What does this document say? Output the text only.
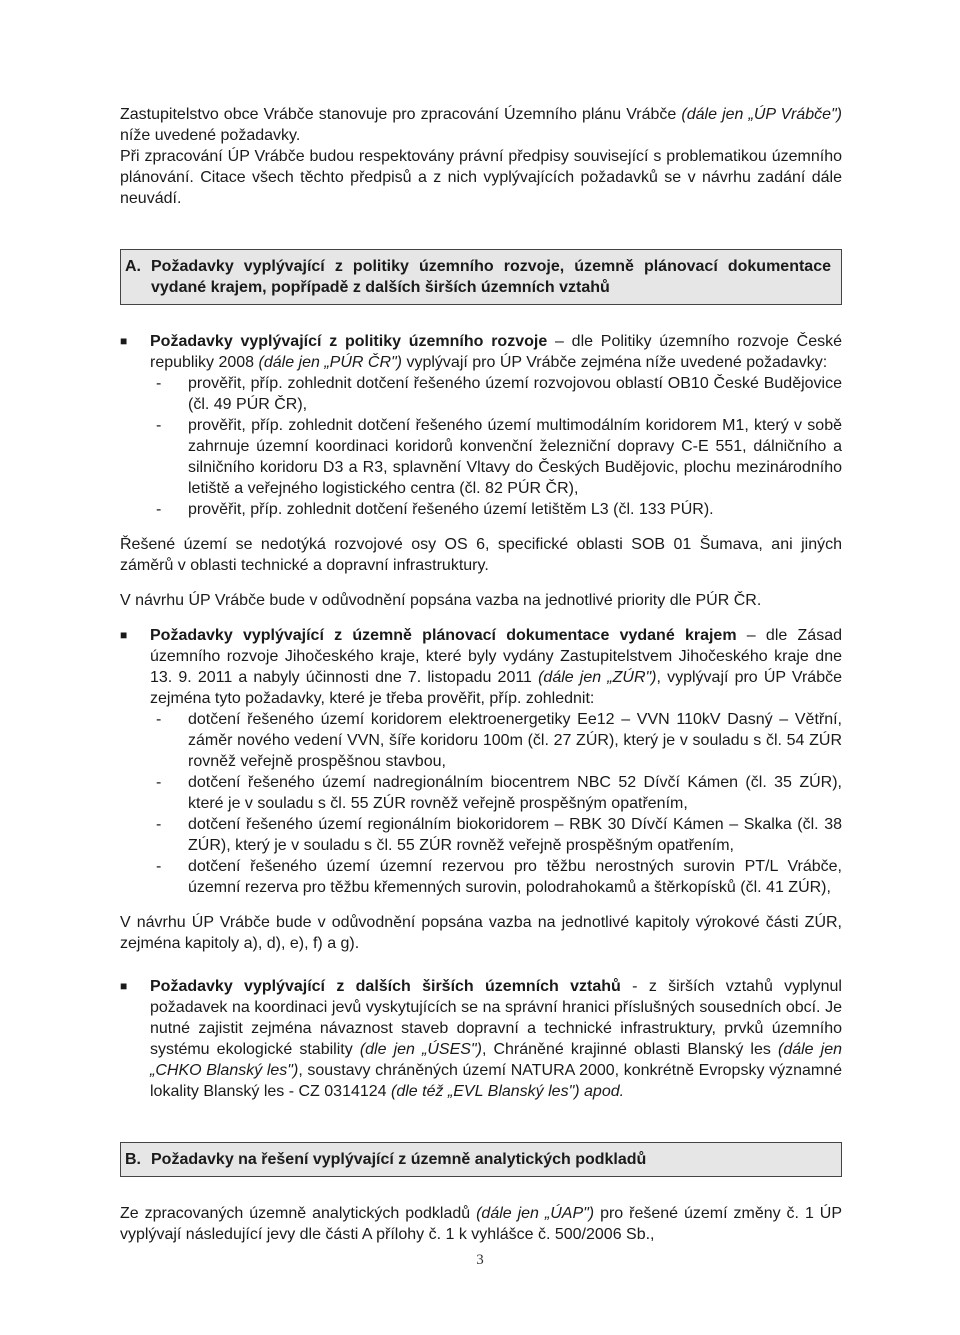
Zastupitelstvo obce Vrábče stanovuje pro zpracování Územního plánu Vrábče (dále jen „ÚP Vrábče") níže uvedené požadavky.
Při zpracování ÚP Vrábče budou respektovány právní předpisy související s problematikou územního plánování. Citace všech těchto předpisů a z nich vyplývajících požadavků se v návrhu zadání dále neuvádí.

A. Požadavky vyplývající z politiky územního rozvoje, územně plánovací dokumentace vydané krajem, popřípadě z dalších širších územních vztahů
■	Požadavky vyplývající z politiky územního rozvoje – dle Politiky územního rozvoje České republiky 2008 (dále jen „PÚR ČR") vyplývají pro ÚP Vrábče zejména níže uvedené požadavky:

-	prověřit, příp. zohlednit dotčení řešeného území rozvojovou oblastí OB10 České Budějovice (čl. 49 PÚR ČR),
-	prověřit, příp. zohlednit dotčení řešeného území multimodálním koridorem M1, který v sobě zahrnuje územní koordinaci koridorů konvenční železniční dopravy C-E 551, dálničního a silničního koridoru D3 a R3, splavnění Vltavy do Českých Budějovic, plochu mezinárodního letiště a veřejného logistického centra (čl. 82 PÚR ČR),
-	prověřit, příp. zohlednit dotčení řešeného území letištěm L3 (čl. 133 PÚR).

Řešené území se nedotýká rozvojové osy OS 6, specifické oblasti SOB 01 Šumava, ani jiných záměrů v oblasti technické a dopravní infrastruktury.

V návrhu ÚP Vrábče bude v odůvodnění popsána vazba na jednotlivé priority dle PÚR ČR.

■	Požadavky vyplývající z územně plánovací dokumentace vydané krajem – dle Zásad územního rozvoje Jihočeského kraje, které byly vydány Zastupitelstvem Jihočeského kraje dne 13. 9. 2011 a nabyly účinnosti dne 7. listopadu 2011 (dále jen „ZÚR"), vyplývají pro ÚP Vrábče zejména tyto požadavky, které je třeba prověřit, příp. zohlednit:

-	dotčení řešeného území koridorem elektroenergetiky Ee12 – VVN 110kV Dasný – Větřní, záměr nového vedení VVN, šíře koridoru 100m (čl. 27 ZÚR), který je v souladu s čl. 54 ZÚR rovněž veřejně prospěšnou stavbou,
-	dotčení řešeného území nadregionálním biocentrem NBC 52 Dívčí Kámen (čl. 35 ZÚR), které je v souladu s čl. 55 ZÚR rovněž veřejně prospěšným opatřením,
-	dotčení řešeného území regionálním biokoridorem – RBK 30 Dívčí Kámen – Skalka (čl. 38 ZÚR), který je v souladu s čl. 55 ZÚR rovněž veřejně prospěšným opatřením,
-	dotčení řešeného území územní rezervou pro těžbu nerostných surovin PT/L Vrábče, územní rezerva pro těžbu křemenných surovin, polodrahokamů a štěrkopísků (čl. 41 ZÚR),

V návrhu ÚP Vrábče bude v odůvodnění popsána vazba na jednotlivé kapitoly výrokové části ZÚR, zejména kapitoly a), d), e), f) a g).

■	Požadavky vyplývající z dalších širších územních vztahů - z širších vztahů vyplynul požadavek na koordinaci jevů vyskytujících se na správní hranici příslušných sousedních obcí. Je nutné zajistit zejména návaznost staveb dopravní a technické infrastruktury, prvků územního systému ekologické stability (dle jen „ÚSES"), Chráněné krajinné oblasti Blanský les (dále jen „CHKO Blanský les"), soustavy chráněných území NATURA 2000, konkrétně Evropsky významné lokality Blanský les - CZ 0314124 (dle též „EVL Blanský les") apod.

B. Požadavky na řešení vyplývající z územně analytických podkladů

Ze zpracovaných územně analytických podkladů (dále jen „ÚAP") pro řešené území změny č. 1 ÚP vyplývají následující jevy dle části A přílohy č. 1 k vyhlášce č. 500/2006 Sb.,

3
